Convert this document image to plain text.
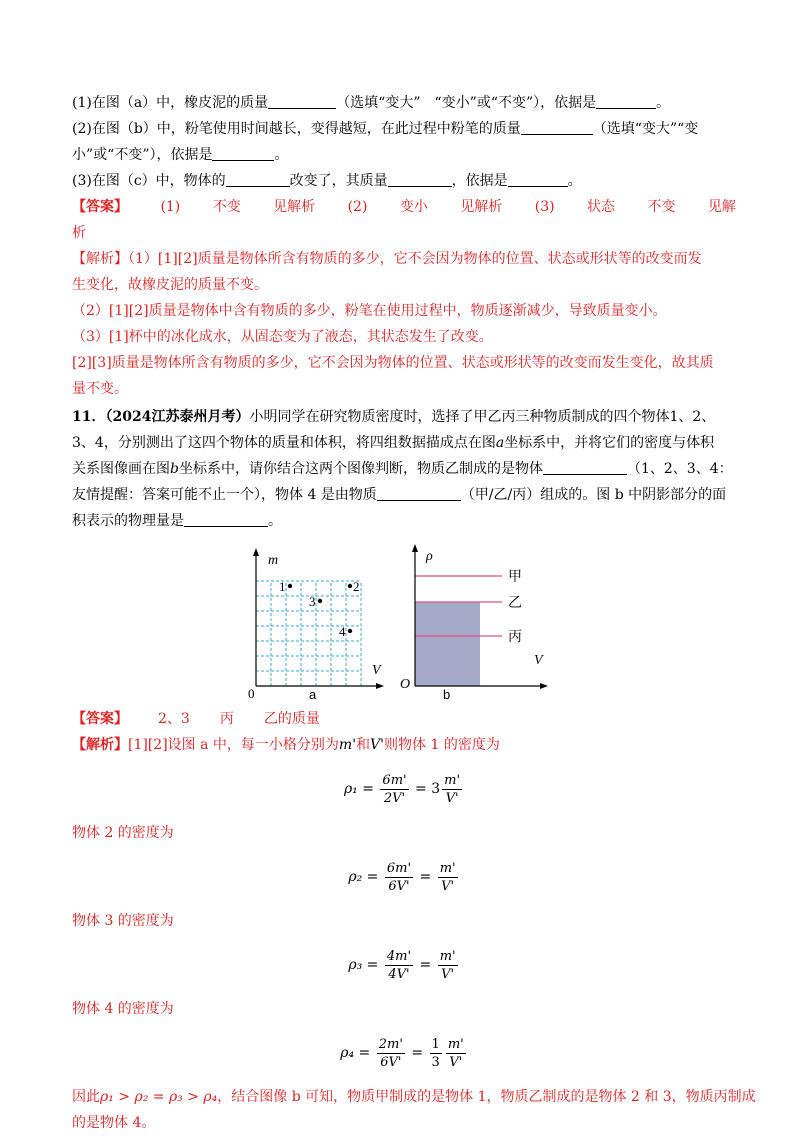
(1)在图（a）中，橡皮泥的质量	（选填“变大”　“变小”或“不变”），依据是	。
(2)在图（b）中，粉笔使用时间越长，变得越短，在此过程中粉笔的质量	（选填“变大”“变
小”或“不变”），依据是	。
(3)在图（c）中，物体的	改变了，其质量	，依据是	。
【答案】 (1) 不变 见解析 (2) 变小 见解析 (3) 状态 不变 见解
析
【解析】（1）[1][2]质量是物体所含有物质的多少，它不会因为物体的位置、状态或形状等的改变而发
生变化，故橡皮泥的质量不变。
（2）[1][2]质量是物体中含有物质的多少，粉笔在使用过程中，物质逐渐减少，导致质量变小。
（3）[1]杯中的冰化成水，从固态变为了液态，其状态发生了改变。
[2][3]质量是物体所含有物质的多少，它不会因为物体的位置、状态或形状等的改变而发生变化，故其质
量不变。
11．（2024江苏泰州月考）小明同学在研究物质密度时，选择了甲乙丙三种物质制成的四个物体1、2、
3、4，分别测出了这四个物体的质量和体积，将四组数据描成点在图a坐标系中，并将它们的密度与体积
关系图像画在图b坐标系中，请你结合这两个图像判断，物质乙制成的是物体	（1、2、3、4：
友情提醒：答案可能不止一个），物体 4 是由物质	（甲/乙/丙）组成的。图 b 中阴影部分的面
积表示的物理量是	。
m
V
0	a
1	2
3
4
ρ
V
O
甲
乙
丙
b
【答案】 2、3 丙 乙的质量
【解析】[1][2]设图 a 中，每一小格分别为m'和V'则物体 1 的密度为
$\rho_1 = \frac{6m'}{2V'} = 3 \frac{m'}{V'}$
物体 2 的密度为
$\rho_2 = \frac{6m'}{6V'} = \frac{m'}{V'}$
物体 3 的密度为
$\rho_3 = \frac{4m'}{4V'} = \frac{m'}{V'}$
物体 4 的密度为
$\rho_4 = \frac{2m'}{6V'} = \frac{1}{3} \frac{m'}{V'}$
因此ρ₁ > ρ₂ = ρ₃ > ρ₄，结合图像 b 可知，物质甲制成的是物体 1，物质乙制成的是物体 2 和 3，物质丙制成
的是物体 4。
